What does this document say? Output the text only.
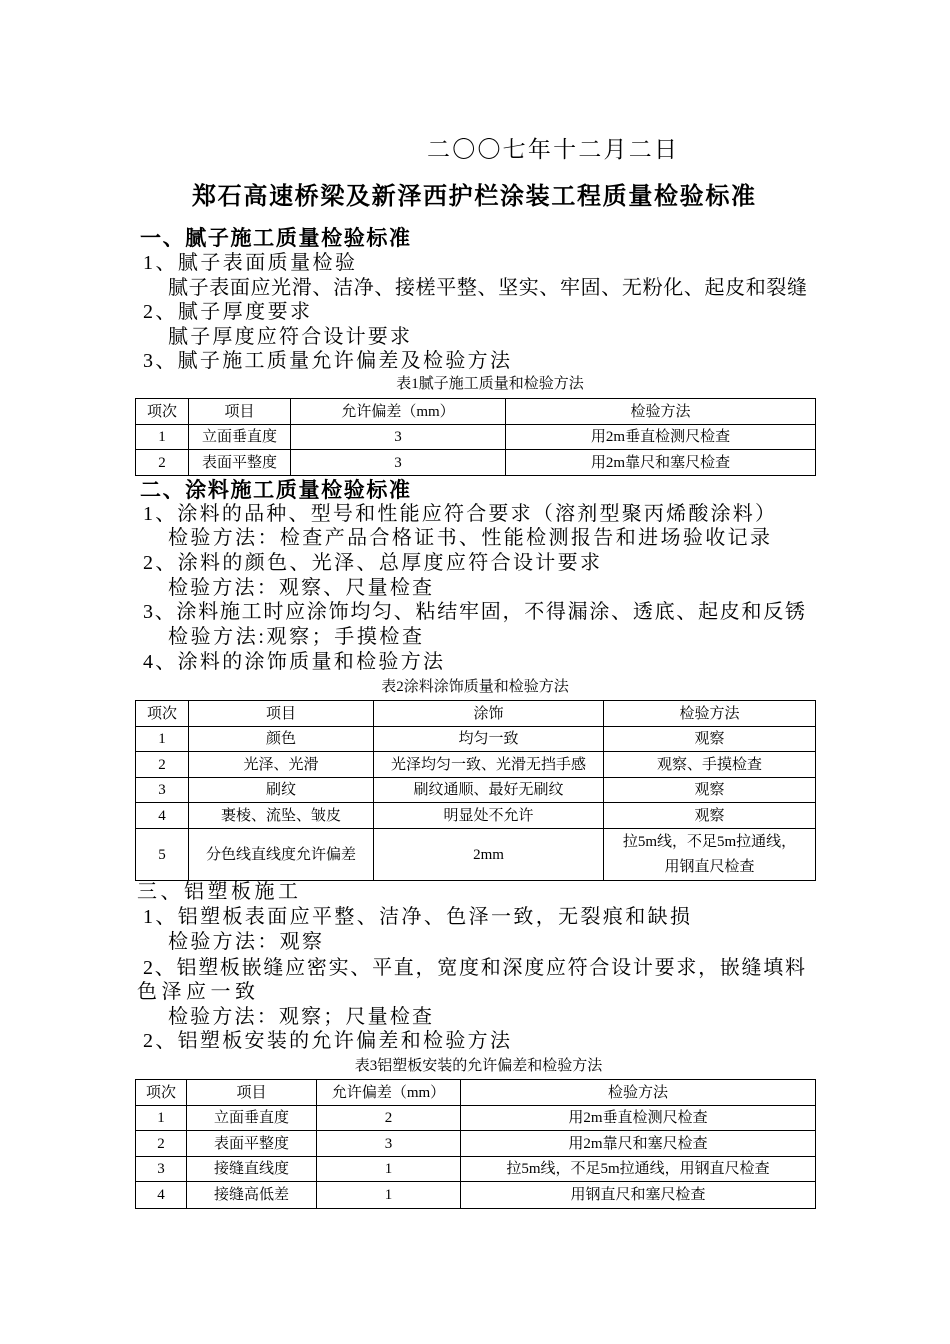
二〇〇七年十二月二日
郑石高速桥梁及新泽西护栏涂装工程质量检验标准
一、腻子施工质量检验标准
1、腻子表面质量检验
腻子表面应光滑、洁净、接槎平整、坚实、牢固、无粉化、起皮和裂缝
2、腻子厚度要求
腻子厚度应符合设计要求
3、腻子施工质量允许偏差及检验方法
表1腻子施工质量和检验方法
项次	项目	允许偏差（mm）	检验方法
1	立面垂直度	3	用2m垂直检测尺检查
2	表面平整度	3	用2m靠尺和塞尺检查
二、涂料施工质量检验标准
1、涂料的品种、型号和性能应符合要求（溶剂型聚丙烯酸涂料）
检验方法：检查产品合格证书、性能检测报告和进场验收记录
2、涂料的颜色、光泽、总厚度应符合设计要求
检验方法：观察、尺量检查
3、涂料施工时应涂饰均匀、粘结牢固，不得漏涂、透底、起皮和反锈
检验方法:观察；手摸检查
4、涂料的涂饰质量和检验方法
表2涂料涂饰质量和检验方法
项次	项目	涂饰	检验方法
1	颜色	均匀一致	观察
2	光泽、光滑	光泽均匀一致、光滑无挡手感	观察、手摸检查
3	刷纹	刷纹通顺、最好无刷纹	观察
4	裹棱、流坠、皱皮	明显处不允许	观察
5	分色线直线度允许偏差	2mm	拉5m线，不足5m拉通线，
用钢直尺检查
三、铝塑板施工
1、铝塑板表面应平整、洁净、色泽一致，无裂痕和缺损
检验方法：观察
2、铝塑板嵌缝应密实、平直，宽度和深度应符合设计要求，嵌缝填料
色泽应一致
检验方法：观察；尺量检查
2、铝塑板安装的允许偏差和检验方法
表3铝塑板安装的允许偏差和检验方法
项次	项目	允许偏差（mm）	检验方法
1	立面垂直度	2	用2m垂直检测尺检查
2	表面平整度	3	用2m靠尺和塞尺检查
3	接缝直线度	1	拉5m线，不足5m拉通线，用钢直尺检查
4	接缝高低差	1	用钢直尺和塞尺检查
